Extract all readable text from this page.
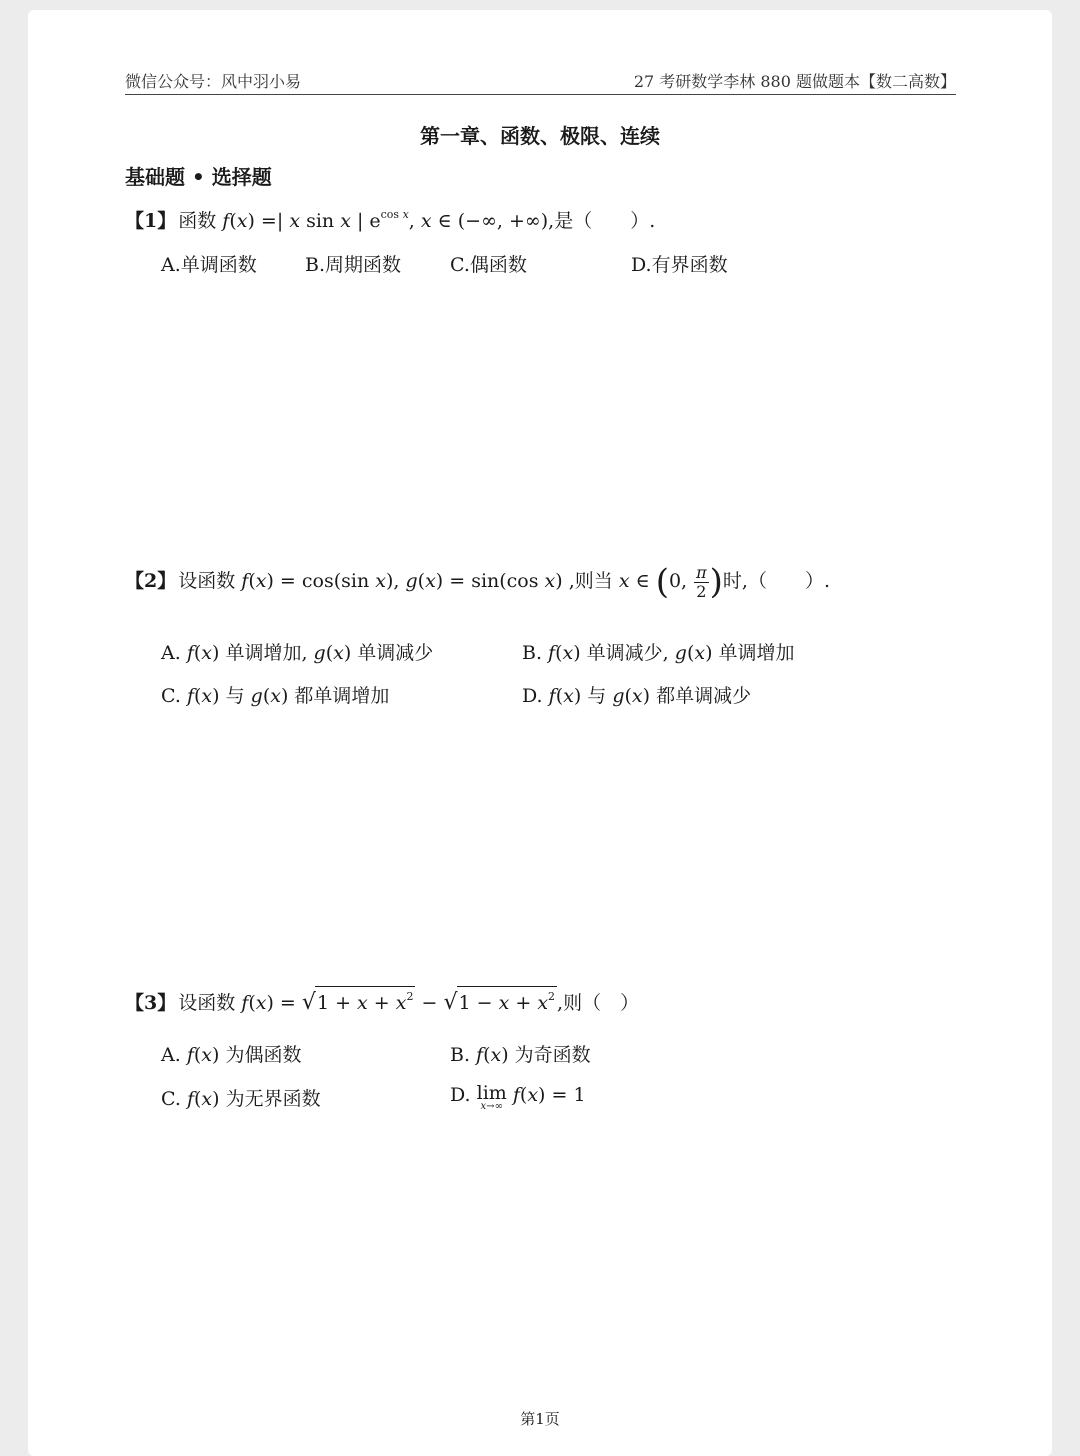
微信公众号：风中羽小易	27 考研数学李林 880 题做题本【数二高数】
第一章、函数、极限、连续
基础题 • 选择题
【1】 函数 f(x) =| x sin x | $e^{cos x}$, x ∈ (−∞, +∞),是（　　）.
A.单调函数	B.周期函数	C.偶函数	D.有界函数
【2】 设函数 f(x) = cos(sin x), g(x) = sin(cos x) ,则当 x ∈ (0, $\frac{\pi}{2}$ )时,（　　）.
A. f(x) 单调增加, g(x) 单调减少	B. f(x) 单调减少, g(x) 单调增加
C. f(x) 与 g(x) 都单调增加	D. f(x) 与 g(x) 都单调减少
【3】 设函数 $f(x) = √1 + x + x^2 - √1 - x + x^2$ ,则（　）
A. f(x) 为偶函数	B. f(x) 为奇函数
C. f(x) 为无界函数	D. lim
x→∞
f(x) = 1
第1页
